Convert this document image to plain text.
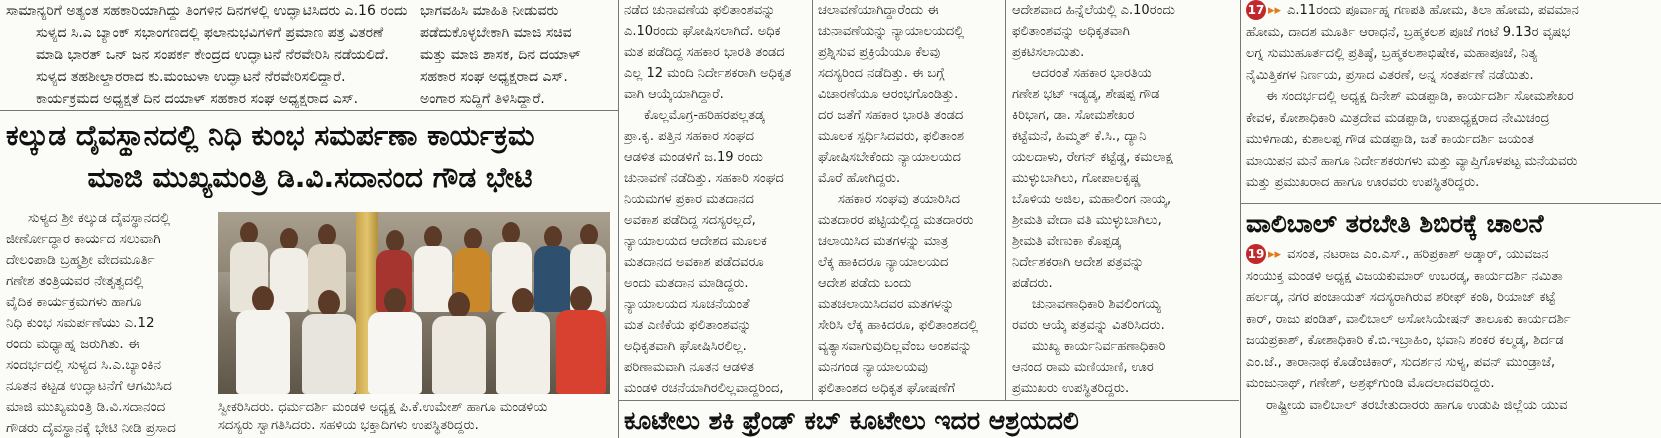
ಸಾಮಾನ್ಯರಿಗೆ ಅತ್ಯಂತ ಸಹಕಾರಿಯಾಗಿದ್ದು ತಿಂಗಳಿನ ದಿನಗಳಲ್ಲಿ ಉದ್ಘಾಟಿಸಿದರು ಎ.16 ರಂದು
ಸುಳ್ಯದ ಸಿ.ಎ ಬ್ಯಾಂಕ್ ಸಭಾಂಗಣದಲ್ಲಿ ಫಲಾನುಭವಿಗಳಿಗೆ ಪ್ರಮಾಣ ಪತ್ರ ವಿತರಣೆ
ಮಾಡಿ ಭಾರತ್ ಒನ್ ಜನ ಸಂಪರ್ಕ ಕೇಂದ್ರದ ಉದ್ಘಾಟನೆ ನೆರವೇರಿಸಿ ನಡೆಯಲಿದೆ.
ಸುಳ್ಯದ ತಹಶೀಲ್ದಾರರಾದ ಕು.ಮಂಜುಳಾ ಉದ್ಘಾಟನೆ ನೆರವೇರಿಸಲಿದ್ದಾರೆ.
ಕಾರ್ಯಕ್ರಮದ ಅಧ್ಯಕ್ಷತೆ ದಿನ ದಯಾಳ್ ಸಹಕಾರ ಸಂಘ ಅಧ್ಯಕ್ಷರಾದ ಎಸ್.
ಭಾಗವಹಿಸಿ ಮಾಹಿತಿ ನೀಡುವರು
ಪಡೆದುಕೊಳ್ಳಬೇಕಾಗಿ ಮಾಜಿ ಸಚಿವ
ಮತ್ತು ಮಾಜಿ ಶಾಸಕ, ದಿನ ದಯಾಳ್
ಸಹಕಾರ ಸಂಘ ಅಧ್ಯಕ್ಷರಾದ ಎಸ್.
ಅಂಗಾರ ಸುದ್ದಿಗೆ ತಿಳಿಸಿದ್ದಾರೆ.
ಕಲ್ಕುಡ ದೈವಸ್ಥಾನದಲ್ಲಿ ನಿಧಿ ಕುಂಭ ಸಮರ್ಪಣಾ ಕಾರ್ಯಕ್ರಮ
ಮಾಜಿ ಮುಖ್ಯಮಂತ್ರಿ ಡಿ.ವಿ.ಸದಾನಂದ ಗೌಡ ಭೇಟಿ
ಸುಳ್ಯದ ಶ್ರೀ ಕಲ್ಕುಡ ದೈವಸ್ಥಾನದಲ್ಲಿ
ಜೀರ್ಣೋದ್ಧಾರ ಕಾರ್ಯದ ಸಲುವಾಗಿ
ದೇಲಂಪಾಡಿ ಬ್ರಹ್ಮಶ್ರೀ ವೇದಮೂರ್ತಿ
ಗಣೇಶ ತಂತ್ರಿಯವರ ನೇತೃತ್ವದಲ್ಲಿ
ವೈದಿಕ ಕಾರ್ಯಕ್ರಮಗಳು ಹಾಗೂ
ನಿಧಿ ಕುಂಭ ಸಮರ್ಪಣೆಯು ಎ.12
ರಂದು ಮಧ್ಯಾಹ್ನ ಜರುಗಿತು. ಈ
ಸಂದರ್ಭದಲ್ಲಿ ಸುಳ್ಯದ ಸಿ.ಎ.ಬ್ಯಾಂಕಿನ
ನೂತನ ಕಟ್ಟಡ ಉದ್ಘಾಟನೆಗೆ ಆಗಮಿಸಿದ
ಮಾಜಿ ಮುಖ್ಯಮಂತ್ರಿ ಡಿ.ವಿ.ಸದಾನಂದ
ಗೌಡರು ದೈವಸ್ಥಾನಕ್ಕೆ ಭೇಟಿ ನೀಡಿ ಪ್ರಸಾದ
ಸ್ವೀಕರಿಸಿದರು. ಧರ್ಮದರ್ಶಿ ಮಂಡಳಿ ಅಧ್ಯಕ್ಷ ಪಿ.ಕೆ.ಉಮೇಶ್ ಹಾಗೂ ಮಂಡಳಿಯ
ಸದಸ್ಯರು ಸ್ವಾಗತಿಸಿದರು. ಸಹಳಿಯ ಭಕ್ತಾದಿಗಳು ಉಪಸ್ಥಿತರಿದ್ದರು.
ನಡೆದ ಚುನಾವಣೆಯ ಫಲಿತಾಂಶವನ್ನು
ಎ.10ರಂದು ಘೋಷಿಸಲಾಗಿದೆ. ಅಧಿಕ
ಮತ ಪಡೆದಿದ್ದ ಸಹಕಾರ ಭಾರತಿ ತಂಡದ
ಎಲ್ಲ 12 ಮಂದಿ ನಿರ್ದೇಶಕರಾಗಿ ಅಧಿಕೃತ
ವಾಗಿ ಆಯ್ಕೆಯಾಗಿದ್ದಾರೆ.
ಕೊಲ್ಲಮೊಗ್ರ-ಹರಿಹರಪಲ್ಲತಡ್ಕ
ಪ್ರಾ.ಕೃ. ಪತ್ತಿನ ಸಹಕಾರ ಸಂಘದ
ಆಡಳಿತ ಮಂಡಳಿಗೆ ಜ.19 ರಂದು
ಚುನಾವಣೆ ನಡೆದಿತ್ತು. ಸಹಕಾರಿ ಸಂಘದ
ನಿಯಮಗಳ ಪ್ರಕಾರ ಮತದಾನದ
ಅವಕಾಶ ಪಡೆದಿದ್ದ ಸದಸ್ಯರಲ್ಲದೆ,
ನ್ಯಾಯಾಲಯದ ಆದೇಶದ ಮೂಲಕ
ಮತದಾನದ ಅವಕಾಶ ಪಡೆದವರೂ
ಅಂದು ಮತದಾನ ಮಾಡಿದ್ದರು.
ನ್ಯಾಯಾಲಯದ ಸೂಚನೆಯಂತೆ
ಮತ ಎಣಿಕೆಯ ಫಲಿತಾಂಶವನ್ನು
ಅಧಿಕೃತವಾಗಿ ಘೋಷಿಸಿರಲಿಲ್ಲ.
ಪರಿಣಾಮವಾಗಿ ನೂತನ ಆಡಳಿತ
ಮಂಡಳಿ ರಚನೆಯಾಗಿರಲಿಲ್ಲವಾದ್ದರಿಂದ,
ಚಲಾವಣೆಯಾಗಿದ್ದಾರೆಂದು ಈ
ಚುನಾವಣೆಯನ್ನು ನ್ಯಾಯಾಲಯದಲ್ಲಿ
ಪ್ರಶ್ನಿಸುವ ಪ್ರಕ್ರಿಯೆಯೂ ಕೆಲವು
ಸದಸ್ಯರಿಂದ ನಡೆದಿತ್ತು. ಈ ಬಗ್ಗೆ
ವಿಚಾರಣೆಯೂ ಆರಂಭಗೊಂಡಿತ್ತು.
ದರ ಜತೆಗೆ ಸಹಕಾರ ಭಾರತಿ ತಂಡದ
ಮೂಲಕ ಸ್ಪರ್ಧಿಸಿದವರು, ಫಲಿತಾಂಶ
ಘೋಷಿಸಬೇಕೆಂದು ನ್ಯಾಯಾಲಯದ
ಮೊರೆ ಹೋಗಿದ್ದರು.
ಸಹಕಾರ ಸಂಘವು ತಯಾರಿಸಿದ
ಮತದಾರರ ಪಟ್ಟಿಯಲ್ಲಿದ್ದ ಮತದಾರರು
ಚಲಾಯಿಸಿದ ಮತಗಳನ್ನು ಮಾತ್ರ
ಲೆಕ್ಕ ಹಾಕಿದರೂ ನ್ಯಾಯಾಲಯದ
ಆದೇಶ ಪಡೆದು ಬಂದು
ಮತಚಲಾಯಿಸಿದವರ ಮತಗಳನ್ನು
ಸೇರಿಸಿ ಲೆಕ್ಕ ಹಾಕಿದರೂ, ಫಲಿತಾಂಶದಲ್ಲಿ
ವ್ಯತ್ಯಾಸವಾಗುವುದಿಲ್ಲವೆಂಬ ಅಂಶವನ್ನು
ಮನಗಂಡ ನ್ಯಾಯಾಲಯವು
ಫಲಿತಾಂಶದ ಅಧಿಕೃತ ಘೋಷಣೆಗೆ
ಆದೇಶವಾದ ಹಿನ್ನೆಲೆಯಲ್ಲಿ ಎ.10ರಂದು
ಫಲಿತಾಂಶವನ್ನು ಅಧಿಕೃತವಾಗಿ
ಪ್ರಕಟಿಸಲಾಯಿತು.
ಆದರಂತೆ ಸಹಕಾರ ಭಾರತಿಯ
ಗಣೇಶ ಭಟ್ ಇಡ್ಯಡ್ಕ, ಶೇಷಪ್ಪ ಗೌಡ
ಕಿರಿಭಾಗ, ಡಾ. ಸೋಮಶೇಖರ
ಕಟ್ಟೆಮನೆ, ಹಿಮ್ಮತ್ ಕೆ.ಸಿ., ದ್ಯಾನಿ
ಯಲದಾಳು, ರೇಗನ್ ಕಟ್ಟೆಡ್ಡ, ಕಮಲಾಕ್ಷ
ಮುಳ್ಳುಬಾಗಿಲು, ಗೋಪಾಲಕೃಷ್ಣ
ಬೊಳಿಯ ಅಜಿಲ, ಮಹಾಲಿಂಗ ನಾಯ್ಕ,
ಶ್ರೀಮತಿ ವೇದಾ ವತಿ ಮುಳ್ಳುಬಾಗಿಲು,
ಶ್ರೀಮತಿ ವೇಣುಕಾ ಕೊಪ್ಪಡ್ಕ
ನಿರ್ದೇಶಕರಾಗಿ ಆದೇಶ ಪತ್ರವನ್ನು
ಪಡೆದರು.
ಚುನಾವಣಾಧಿಕಾರಿ ಶಿವಲಿಂಗಯ್ಯ
ರವರು ಆಯ್ಕೆ ಪತ್ರವನ್ನು ವಿತರಿಸಿದರು.
ಮುಖ್ಯ ಕಾರ್ಯನಿರ್ವಹಣಾಧಿಕಾರಿ
ಆನಂದ ರಾಮ ಮಣಿಯಾಣಿ, ಊರ
ಪ್ರಮುಖರು ಉಪಸ್ಥಿತರಿದ್ದರು.
ಕೂಟೇಲು ಶಕಿ ಫ್ರೆಂಡ್ ಕಬ್ ಕೂಟೇಲು ಇದರ ಆಶ್ರಯದಲಿ
17 ▸▸ ಎ.11ರಂದು ಪೂರ್ವಾಹ್ನ ಗಣಪತಿ ಹೋಮ, ತಿಲಾ ಹೋಮ, ಪವಮಾನ
ಹೋಮ, ದಾದಶ ಮೂರ್ತಿ ಆರಾಧನೆ, ಬ್ರಹ್ಮಕಲಶ ಪೂಜೆ ಗಂಟೆ 9.13ರ ವೃಷಭ
ಲಗ್ನ ಸುಮುಹೂರ್ತದಲ್ಲಿ ಪ್ರತಿಷ್ಠೆ, ಬ್ರಹ್ಮಕಲಶಾಭಿಷೇಕ, ಮಹಾಪೂಜೆ, ನಿತ್ಯ
ನೈಮಿತ್ತಿಕಗಳ ನಿರ್ಣಯ, ಪ್ರಸಾದ ವಿತರಣೆ, ಅನ್ನ ಸಂತರ್ಪಣೆ ನಡೆಯಿತು.
ಈ ಸಂದರ್ಭದಲ್ಲಿ ಅಧ್ಯಕ್ಷ ದಿನೇಶ್ ಮಡಪ್ಪಾಡಿ, ಕಾರ್ಯದರ್ಶಿ ಸೋಮಶೇಖರ
ಕೇವಳ, ಕೋಶಾಧಿಕಾರಿ ಮಿತ್ರದೇವ ಮಡಪ್ಪಾಡಿ, ಉಪಾಧ್ಯಕ್ಷರಾದ ನೇಮಿಚಂದ್ರ
ಮುಳಿಗಾಡು, ಕುಶಾಲಪ್ಪ ಗೌಡ ಮಡಪ್ಪಾಡಿ, ಜತೆ ಕಾರ್ಯದರ್ಶಿ ಜಯಂತ
ಮಾಯಿಪನ ಮನೆ ಹಾಗೂ ನಿರ್ದೇಶಕರುಗಳು ಮತ್ತು ವ್ಯಾಪ್ತಿಗೊಳಪಟ್ಟ ಮನೆಯವರು
ಮತ್ತು ಪ್ರಮುಖರಾದ ಹಾಗೂ ಊರವರು ಉಪಸ್ಥಿತರಿದ್ದರು.
ವಾಲಿಬಾಲ್ ತರಬೇತಿ ಶಿಬಿರಕ್ಕೆ ಚಾಲನೆ
19 ▸▸ ವಸಂತ, ನಟರಾಜ ಎಂ.ಎಸ್., ಹರಿಪ್ರಕಾಶ್ ಅಡ್ಕಾರ್, ಯುವಜನ
ಸಂಯುಕ್ತ ಮಂಡಳಿ ಅಧ್ಯಕ್ಷ ವಿಜಯಕುಮಾರ್ ಉಬರಡ್ಕ, ಕಾರ್ಯದರ್ಶಿ ನಮಿತಾ
ಹರ್ಲಡ್ಕ, ನಗರ ಪಂಚಾಯತ್ ಸದಸ್ಯರಾಗಿರುವ ಶರೀಫ್ ಕಂಠಿ, ರಿಯಾಜ್ ಕಟ್ಟೆ
ಕಾರ್, ರಾಜು ಪಂಡಿತ್, ವಾಲಿಬಾಲ್ ಅಸೋಸಿಯೇಷನ್ ತಾಲೂಕು ಕಾರ್ಯದರ್ಶಿ
ಜಯಪ್ರಕಾಶ್, ಕೋಶಾಧಿಕಾರಿ ಕೆ.ಬಿ.ಇಬ್ರಾಹಿಂ, ಭವಾನಿ ಶಂಕರ ಕಲ್ಮಡ್ಕ, ಶಿರ್ದಡ
ಎಂ.ಜೆ., ತಾರಾನಾಥ ಕೊಡೆಂಚಿಕಾರ್, ಸುದರ್ಶನ ಸುಳ್ಯ, ಪವನ್ ಮುಂಡ್ರಾಜೆ,
ಮಂಜುನಾಥ್, ಗಣೇಶ್, ಅಶ್ರಫ್‌ಗುಂಡಿ ಮೊದಲಾದವರಿದ್ದರು.
ರಾಷ್ಟ್ರೀಯ ವಾಲಿಬಾಲ್ ತರಬೇತುದಾರರು ಹಾಗೂ ಉಡುಪಿ ಜಿಲ್ಲೆಯ ಯುವ
